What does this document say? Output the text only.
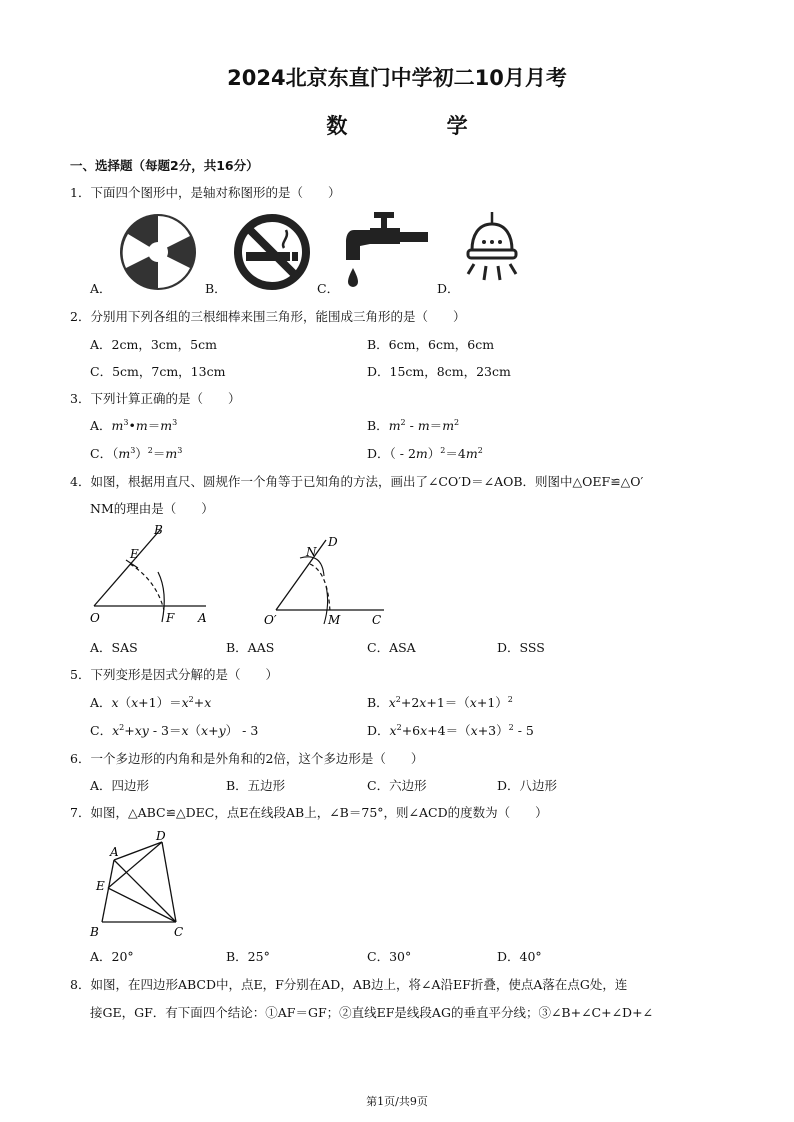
2024北京东直门中学初二10月月考
数 学
一、选择题（每题2分，共16分）
1．下面四个图形中，是轴对称图形的是（　　）
A．	B．	C．	D．
2．分别用下列各组的三根细棒来围三角形，能围成三角形的是（　　）
A．2cm，3cm，5cm	B．6cm，6cm，6cm
C．5cm，7cm，13cm	D．15cm，8cm，23cm
3．下列计算正确的是（　　）
A．$m^3•m=m^3$	B．$m^2 - m=m^2$
C．$(m^3)^2=m^3$	D．（ - $2m)^2=4m^2$
4．如图，根据用直尺、圆规作一个角等于已知角的方法，画出了∠CO′D＝∠AOB．则图中△OEF≌△O′
NM的理由是（　　）
B
E
O	F A
N
D
O′	M	C
A．SAS	B．AAS	C．ASA	D．SSS
5．下列变形是因式分解的是（　　）
A．$x(x+1)=x^2+x$	B．$x^2+2x+1=(x+1)^2$
C．$x^2+xy - 3=x(x+y) - 3$	D．$x^2+6x+4=(x+3)^2 - 5$
6．一个多边形的内角和是外角和的2倍，这个多边形是（　　）
A．四边形	B．五边形	C．六边形	D．八边形
7．如图，△ABC≌△DEC，点E在线段AB上，∠B＝75°，则∠ACD的度数为（　　）
A
D
E
B	C
A．20°	B．25°	C．30°	D．40°
8．如图，在四边形ABCD中，点E，F分别在AD，AB边上，将∠A沿EF折叠，使点A落在点G处，连
接GE，GF．有下面四个结论：①AF＝GF；②直线EF是线段AG的垂直平分线；③∠B+∠C+∠D+∠
第1页/共9页
